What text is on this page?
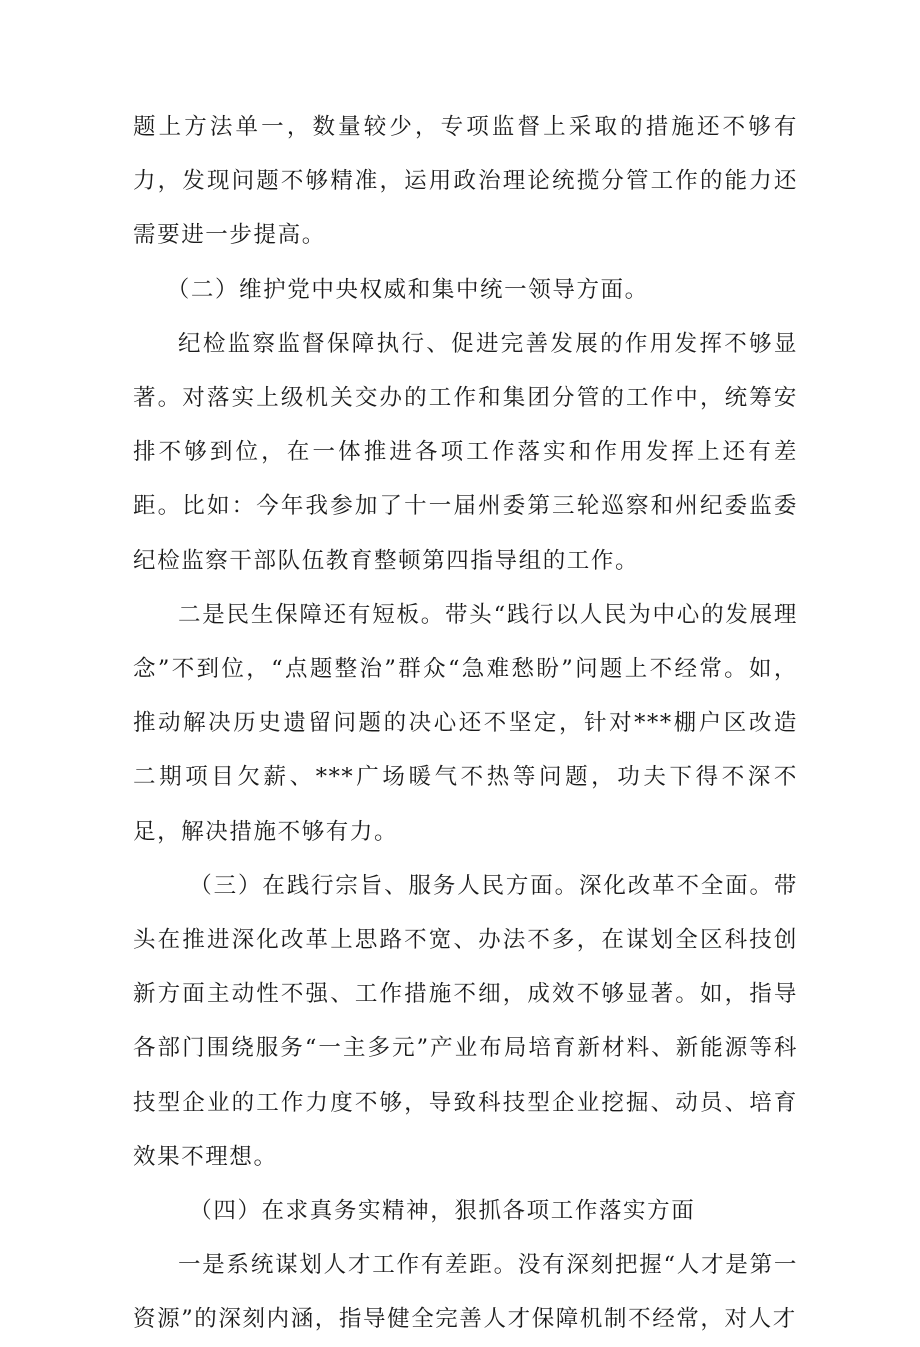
题上方法单一，数量较少，专项监督上采取的措施还不够有力，发现问题不够精准，运用政治理论统揽分管工作的能力还需要进一步提高。

（二）维护党中央权威和集中统一领导方面。

纪检监察监督保障执行、促进完善发展的作用发挥不够显著。对落实上级机关交办的工作和集团分管的工作中，统筹安排不够到位，在一体推进各项工作落实和作用发挥上还有差距。比如：今年我参加了十一届州委第三轮巡察和州纪委监委纪检监察干部队伍教育整顿第四指导组的工作。

二是民生保障还有短板。带头“践行以人民为中心的发展理念”不到位，“点题整治”群众“急难愁盼”问题上不经常。如，推动解决历史遗留问题的决心还不坚定，针对***棚户区改造二期项目欠薪、***广场暖气不热等问题，功夫下得不深不足，解决措施不够有力。

（三）在践行宗旨、服务人民方面。深化改革不全面。带头在推进深化改革上思路不宽、办法不多，在谋划全区科技创新方面主动性不强、工作措施不细，成效不够显著。如，指导各部门围绕服务“一主多元”产业布局培育新材料、新能源等科技型企业的工作力度不够，导致科技型企业挖掘、动员、培育效果不理想。

（四）在求真务实精神，狠抓各项工作落实方面

一是系统谋划人才工作有差距。没有深刻把握“人才是第一资源”的深刻内涵，指导健全完善人才保障机制不经常，对人才
